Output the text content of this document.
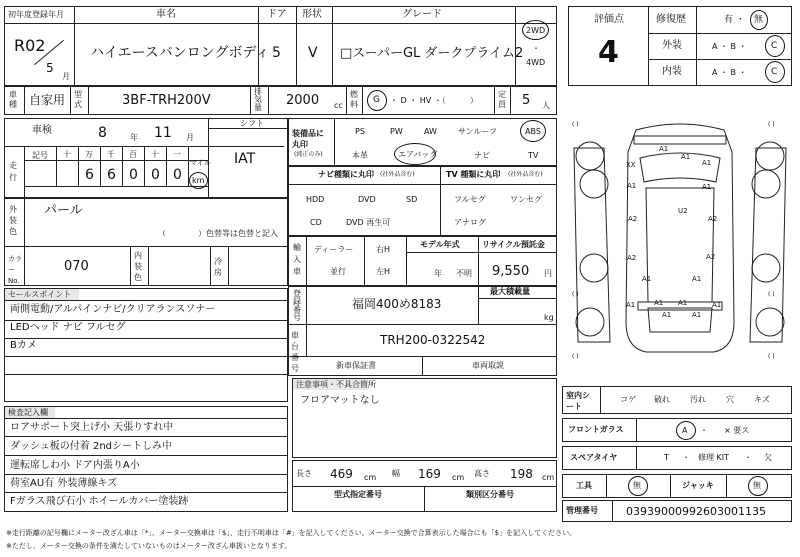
初年度登録年月	車名	ドア 形状	グレード
R02
5
月
ハイエースバンロングボディ 5 V □スーパーGL ダークプライム2
2WD
・
4WD
評価点
4
修復歴	有 ・ 無
外装	A ・ B ・	C
内装	A ・ B ・	C
車種 自家用 型式	3BF-TRH200V
排気量 2000 cc
燃料 G ・ D ・ HV ・（　　　）
定員 5 人
車検	8	年 11 月
シフト
IAT
走行
記号 十 万 千 百 十 一
6 6 0 0 0
マイル
km
外装色
パール
（　　　　）色替等は色替と記入
カラーNo.
070
内装色
冷房
装備品に丸印
(純正のみ)
PS	PW	AW	サンルーフ	ABS
本革	エアバッグ	ナビ	TV
ナビ種類に丸印 (社外品含む)
HDD	DVD	SD
CD	DVD 再生可
TV 種類に丸印 (社外品含む)
フルセグ	ワンセグ
アナログ
輸入車
ディーラー
並行
右H
左H
モデル年式
年 不明
リサイクル預託金
9,550 円
登録番号
福岡400め8183
最大積載量
kg
車台番号
TRH200-0322542
新車保証書	車両取説
セールスポイント
両側電動/アルパインナビ/クリアランスソナー
LEDヘッド ナビ フルセグ
Bカメ
検査記入欄
ロアサポート突上げ小 天張りすれ中
ダッシュ板の付着 2ndシートしみ中
運転席しわ小 ドア内張りA小
荷室AU有 外装薄線キズ
Fガラス飛び石小 ホイールカバー塗装跡
注意事項・不具合箇所
フロアマットなし
長さ 469 cm 幅 169 cm 高さ 198 cm
型式指定番号	類別区分番号
( )	( )
( )	( )
( )	( )
A1
A1
XX	A1
A1	A1
U2
A2	A2
A2	A2
A1 A1
A1	A1
A1	A1
A1	A1
室内シート
コゲ 破れ	汚れ	穴	キズ
フロントガラス	A ・　　× 要ス
スペアタイヤ	T ・ 修理 KIT ・ 欠
工具	無	ジャッキ	無
管理番号	0393900099260300113​5
※走行距離の記号欄にメーター改ざん車は「*」、メーター交換車は「$」、走行不明車は「#」を記入してください。メーター交換で合算表示した場合にも「$」を記入してください。
※ただし、メーター交換の条件を満たしていないものはメーター改ざん車扱いとなります。
